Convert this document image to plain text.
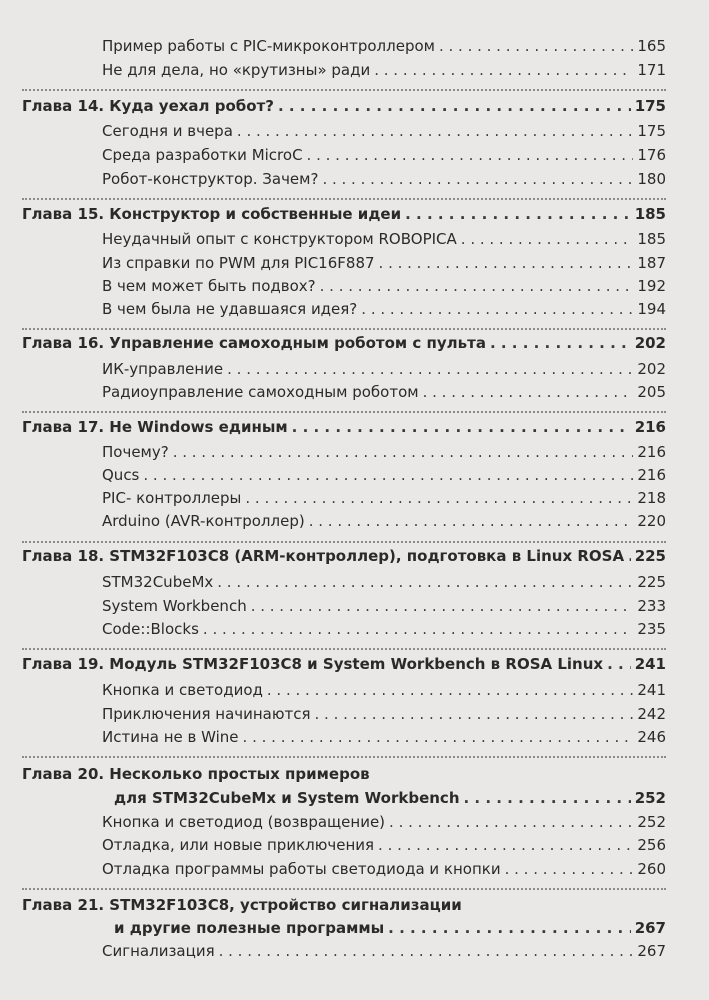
Пример работы с PIC-микроконтроллером . . .	165
Не для дела, но «крутизны» ради . . .	171
Глава 14. Куда уехал робот? . . .	175
Сегодня и вчера . . .	175
Среда разработки MicroC . . .	176
Робот-конструктор. Зачем? . . .	180
Глава 15. Конструктор и собственные идеи . . .	185
Неудачный опыт с конструктором ROBOPICA . . .	185
Из справки по PWM для PIC16F887 . . .	187
В чем может быть подвох? . . .	192
В чем была не удавшаяся идея? . . .	194
Глава 16. Управление самоходным роботом с пульта . . .	202
ИК-управление . . .	202
Радиоуправление самоходным роботом . . .	205
Глава 17. Не Windows единым . . .	216
Почему? . . .	216
Qucs . . .	216
PIC- контроллеры . . .	218
Arduino (AVR-контроллер) . . .	220
Глава 18. STM32F103C8 (ARM-контроллер), подготовка в Linux ROSA . . . 225
STM32CubeMx . . .	225
System Workbench . . .	233
Code::Blocks . . .	235
Глава 19. Модуль STM32F103C8 и System Workbench в ROSA Linux . . . 241
Кнопка и светодиод . . .	241
Приключения начинаются . . .	242
Истина не в Wine . . .	246
Глава 20. Несколько простых примеров
для STM32CubeMx и System Workbench . . .	252
Кнопка и светодиод (возвращение) . . .	252
Отладка, или новые приключения . . .	256
Отладка программы работы светодиода и кнопки . . .	260
Глава 21. STM32F103C8, устройство сигнализации
и другие полезные программы . . .	267
Сигнализация . . .	267
